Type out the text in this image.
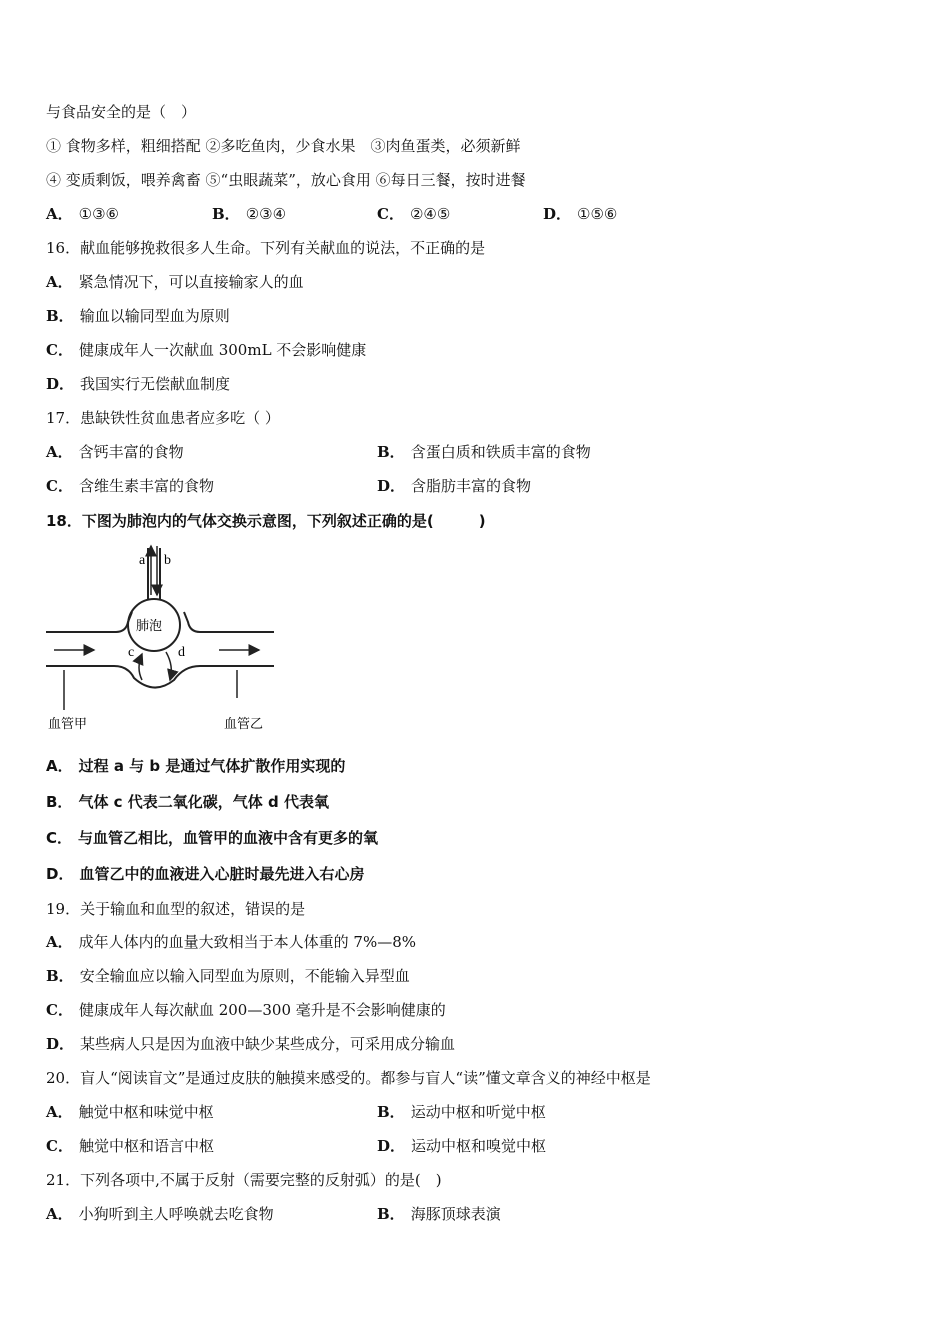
与食品安全的是（　）
① 食物多样，粗细搭配 ②多吃鱼肉，少食水果　③肉鱼蛋类，必须新鲜
④ 变质剩饭，喂养禽畜 ⑤“虫眼蔬菜”，放心食用 ⑥每日三餐，按时进餐
A． ①③⑥	B． ②③④	C． ②④⑤	D． ①⑤⑥
16．献血能够挽救很多人生命。下列有关献血的说法，不正确的是
A． 紧急情况下，可以直接输家人的血
B． 输血以输同型血为原则
C． 健康成年人一次献血 300mL 不会影响健康
D． 我国实行无偿献血制度
17．患缺铁性贫血患者应多吃（ ）
A． 含钙丰富的食物	B． 含蛋白质和铁质丰富的食物
C． 含维生素丰富的食物	D． 含脂肪丰富的食物
18．下图为肺泡内的气体交换示意图，下列叙述正确的是(　　　)
a b
c	d
肺泡
血管甲	血管乙
A． 过程 a 与 b 是通过气体扩散作用实现的
B． 气体 c 代表二氧化碳，气体 d 代表氧
C． 与血管乙相比，血管甲的血液中含有更多的氧
D． 血管乙中的血液进入心脏时最先进入右心房
19．关于输血和血型的叙述，错误的是
A． 成年人体内的血量大致相当于本人体重的 7%—8%
B． 安全输血应以输入同型血为原则，不能输入异型血
C． 健康成年人每次献血 200—300 毫升是不会影响健康的
D． 某些病人只是因为血液中缺少某些成分，可采用成分输血
20．盲人“阅读盲文”是通过皮肤的触摸来感受的。都参与盲人“读”懂文章含义的神经中枢是
A． 触觉中枢和味觉中枢	B． 运动中枢和听觉中枢
C． 触觉中枢和语言中枢	D． 运动中枢和嗅觉中枢
21．下列各项中,不属于反射（需要完整的反射弧）的是(　)
A． 小狗听到主人呼唤就去吃食物	B． 海豚顶球表演
